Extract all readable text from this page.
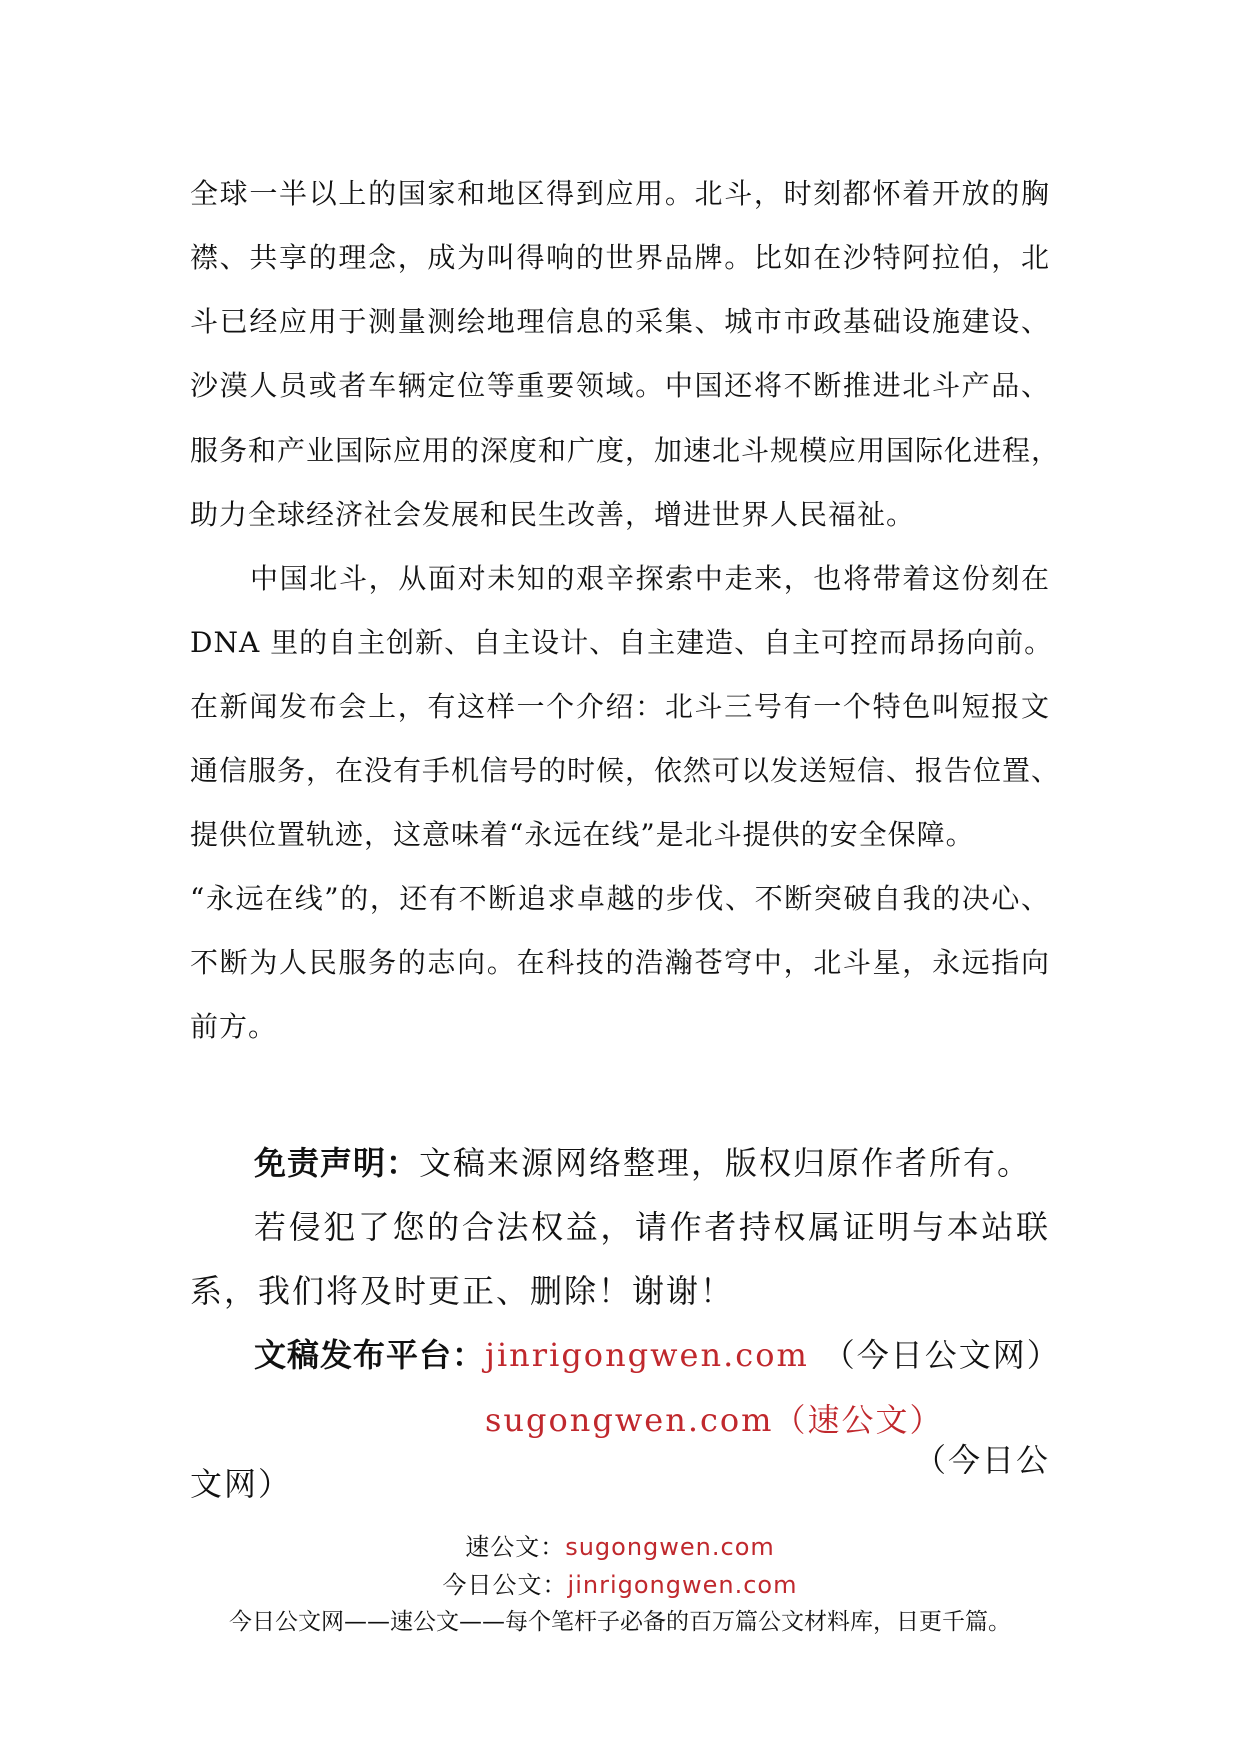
全球一半以上的国家和地区得到应用。北斗，时刻都怀着开放的胸

襟、共享的理念，成为叫得响的世界品牌。比如在沙特阿拉伯，北

斗已经应用于测量测绘地理信息的采集、城市市政基础设施建设、

沙漠人员或者车辆定位等重要领域。中国还将不断推进北斗产品、

服务和产业国际应用的深度和广度，加速北斗规模应用国际化进程，

助力全球经济社会发展和民生改善，增进世界人民福祉。

中国北斗，从面对未知的艰辛探索中走来，也将带着这份刻在

DNA 里的自主创新、自主设计、自主建造、自主可控而昂扬向前。

在新闻发布会上，有这样一个介绍：北斗三号有一个特色叫短报文

通信服务，在没有手机信号的时候，依然可以发送短信、报告位置、

提供位置轨迹，这意味着“永远在线”是北斗提供的安全保障。

“永远在线”的，还有不断追求卓越的步伐、不断突破自我的决心、

不断为人民服务的志向。在科技的浩瀚苍穹中，北斗星，永远指向

前方。

免责声明：文稿来源网络整理，版权归原作者所有。
若侵犯了您的合法权益，请作者持权属证明与本站联
系，我们将及时更正、删除！谢谢！
文稿发布平台：jinrigongwen.com （今日公文网）
sugongwen.com（速公文）
（今日公
文网）
速公文：sugongwen.com
今日公文：jinrigongwen.com
今日公文网——速公文——每个笔杆子必备的百万篇公文材料库，日更千篇。
